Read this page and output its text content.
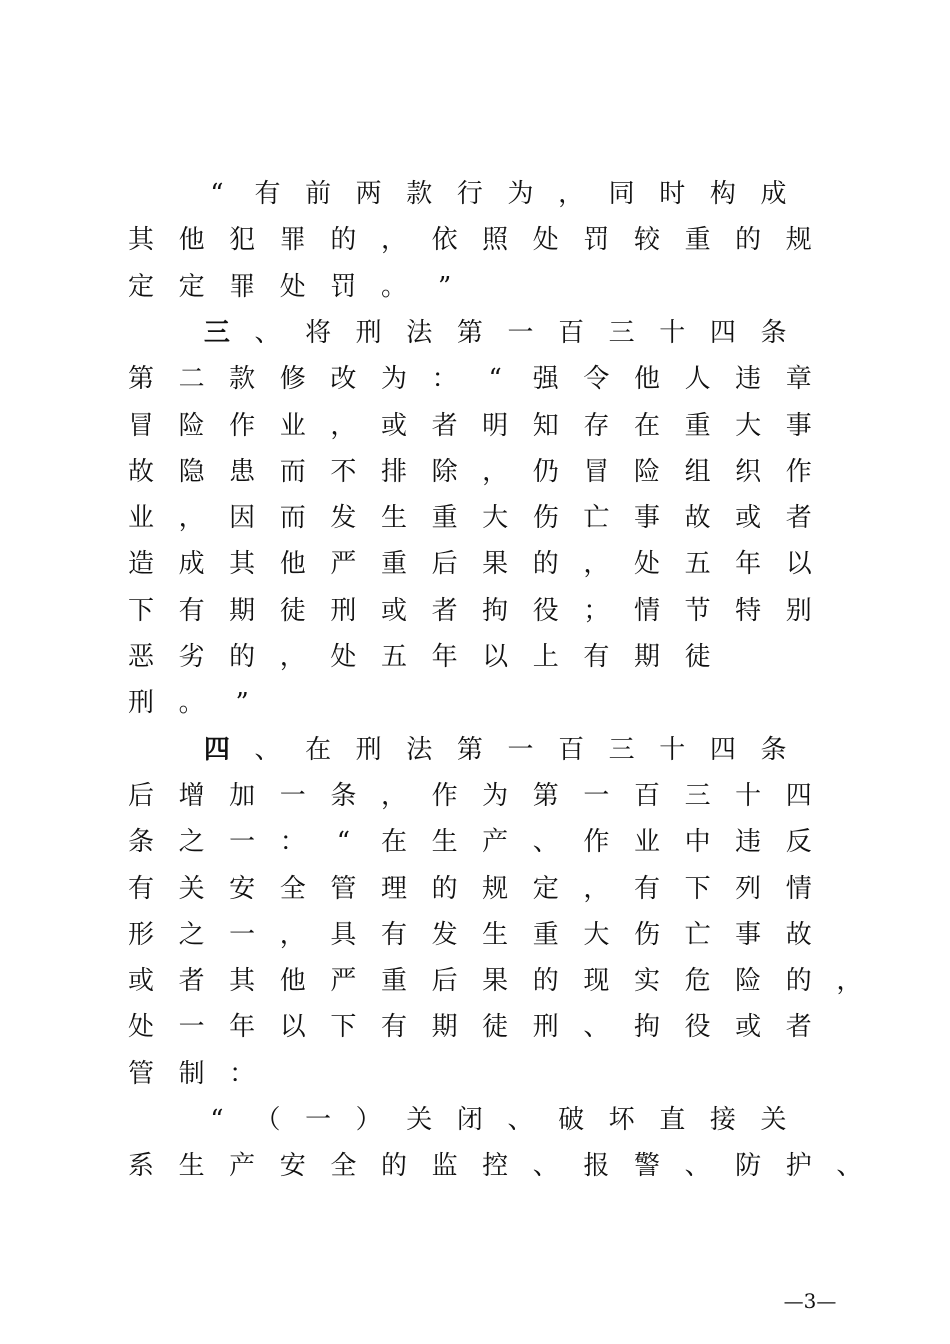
“	有 前 两 款 行 为 ， 同 时 构 成
其 他 犯 罪 的 ， 依 照 处 罚 较 重 的 规
定 定 罪 处 罚 。	”
三 、 将 刑 法 第 一 百 三 十 四 条
第 二 款 修 改 为 ：	“	强 令 他 人 违 章
冒 险 作 业 ， 或 者 明 知 存 在 重 大 事
故 隐 患 而 不 排 除 ， 仍 冒 险 组 织 作
业 ， 因 而 发 生 重 大 伤 亡 事 故 或 者
造 成 其 他 严 重 后 果 的 ， 处 五 年 以
下 有 期 徒 刑 或 者 拘 役 ； 情 节 特 别
恶 劣 的 ， 处 五 年 以 上 有 期 徒
刑 。	”
四 、 在 刑 法 第 一 百 三 十 四 条
后 增 加 一 条 ， 作 为 第 一 百 三 十 四
条 之 一 ：	“	在 生 产 、 作 业 中 违 反
有 关 安 全 管 理 的 规 定 ， 有 下 列 情
形 之 一 ， 具 有 发 生 重 大 伤 亡 事 故
或 者 其 他 严 重 后 果 的 现 实 危 险 的 ，
处 一 年 以 下 有 期 徒 刑 、 拘 役 或 者
管 制 ：
“	（ 一 ） 关 闭 、 破 坏 直 接 关
系 生 产 安 全 的 监 控 、 报 警 、 防 护 、
—3—
